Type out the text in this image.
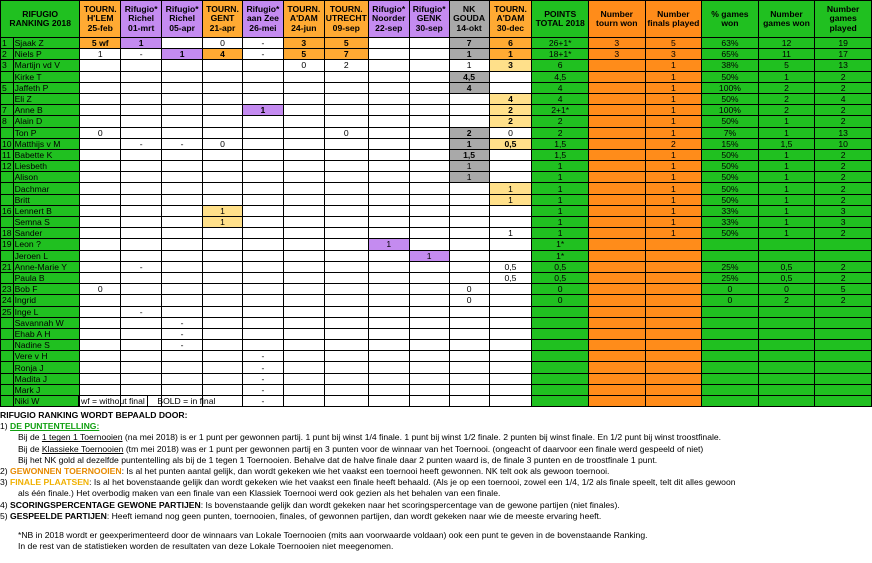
RIFUGIO RANKING 2018		TOURN. H'LEM 25-feb	Rifugio* Richel 01-mrt	Rifugio* Richel 05-apr	TOURN. GENT 21-apr	Rifugio* aan Zee 26-mei	TOURN. A'DAM 24-jun	TOURN. UTRECHT 09-sep	Rifugio* Noorder 22-sep	Rifugio* GENK 30-sep	NK GOUDA 14-okt	TOURN. A'DAM 30-dec	POINTS TOTAL 2018	Number tourn won	Number finals played	% games won	Number games won	Number games played
1	Sjaak Z	5 wf	1		0	-	3	5			7	6	26+1*	3	5	63%	12	19
2	Niels P	1	-	1	4	-	5	7			1	1	18+1*	3	3	65%	11	17
3	Martijn vd V						0	2			1	3	6		1	38%	5	13
	Kirke T										4,5		4,5		1	50%	1	2
5	Jaffeth P										4		4		1	100%	2	2
	Eli Z											4	4		1	50%	2	4
7	Anne B					1						2	2+1*		1	100%	2	2
8	Alain D											2	2		1	50%	1	2
	Ton P	0						0			2	0	2		1	7%	1	13
10	Matthijs v M		-	-	0						1	0,5	1,5		2	15%	1,5	10
11	Babette K										1,5		1,5		1	50%	1	2
12	Liesbeth										1		1		1	50%	1	2
	Alison										1		1		1	50%	1	2
	Dachmar											1	1		1	50%	1	2
	Britt											1	1		1	50%	1	2
16	Lennert B				1								1		1	33%	1	3
	Semna S				1								1		1	33%	1	3
18	Sander											1	1		1	50%	1	2
19	Leon ?								1				1*					
	Jeroen L									1			1*					
21	Anne-Marie Y		-									0,5	0,5			25%	0,5	2
	Paula B											0,5	0,5			25%	0,5	2
23	Bob F	0									0		0			0	0	5
24	Ingrid										0		0			0	2	2
25	Inge L		-															
	Savannah W			-														
	Ehab A H			-														
	Nadine S			-														
	Vere v H					-												
	Ronja J					-												
	Madita J					-												
	Mark J					-												
	Niki W					-												
wf = without final BOLD = in final
RIFUGIO RANKING WORDT BEPAALD DOOR:
1) DE PUNTENTELLING:
Bij de 1 tegen 1 Toernooien (na mei 2018) is er 1 punt per gewonnen partij. 1 punt bij winst 1/4 finale. 1 punt bij winst 1/2 finale. 2 punten bij winst finale. En 1/2 punt bij winst troostfinale.
Bij de Klassieke Toernooien (tm mei 2018) was er 1 punt per gewonnen partij en 3 punten voor de winnaar van het Toernooi. (ongeacht of daarvoor een finale werd gespeeld of niet)
Bij het NK gold al dezelfde puntentelling als bij de 1 tegen 1 Toernooien. Behalve dat de halve finale daar 2 punten waard is, de finale 3 punten en de troostfinale 1 punt.
2) GEWONNEN TOERNOOIEN: Is al het punten aantal gelijk, dan wordt gekeken wie het vaakst een toernooi heeft gewonnen. NK telt ook als gewoon toernooi.
3) FINALE PLAATSEN: Is al het bovenstaande gelijk dan wordt gekeken wie het vaakst een finale heeft behaald. (Als je op een toernooi, zowel een 1/4, 1/2 als finale speelt, telt dit alles gewoon
als één finale.) Het overbodig maken van een finale van een Klassiek Toernooi werd ook gezien als het behalen van een finale.
4) SCORINGSPERCENTAGE GEWONE PARTIJEN: Is bovenstaande gelijk dan wordt gekeken naar het scoringspercentage van de gewone partijen (niet finales).
5) GESPEELDE PARTIJEN: Heeft iemand nog geen punten, toernooien, finales, of gewonnen partijen, dan wordt gekeken naar wie de meeste ervaring heeft.
*NB in 2018 wordt er geexperimenteerd door de winnaars van Lokale Toernooien (mits aan voorwaarde voldaan) ook een punt te geven in de bovenstaande Ranking.
In de rest van de statistieken worden de resultaten van deze Lokale Toernooien niet meegenomen.
